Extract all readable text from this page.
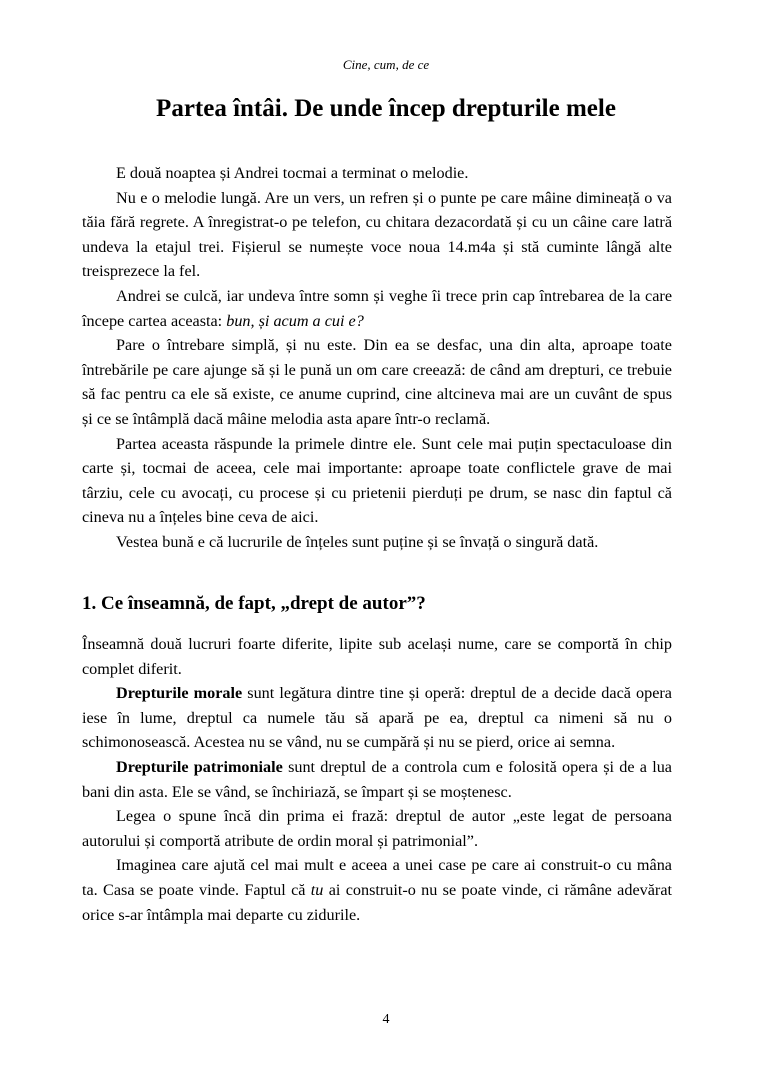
Cine, cum, de ce
Partea întâi. De unde încep drepturile mele

E două noaptea și Andrei tocmai a terminat o melodie.

Nu e o melodie lungă. Are un vers, un refren și o punte pe care mâine dimineață o va tăia fără regrete. A înregistrat-o pe telefon, cu chitara dezacordată și cu un câine care latră undeva la etajul trei. Fișierul se numește voce noua 14.m4a și stă cuminte lângă alte treisprezece la fel.

Andrei se culcă, iar undeva între somn și veghe îi trece prin cap întrebarea de la care începe cartea aceasta: bun, și acum a cui e?

Pare o întrebare simplă, și nu este. Din ea se desfac, una din alta, aproape toate întrebările pe care ajunge să și le pună un om care creează: de când am drepturi, ce trebuie să fac pentru ca ele să existe, ce anume cuprind, cine altcineva mai are un cuvânt de spus și ce se întâmplă dacă mâine melodia asta apare într-o reclamă.

Partea aceasta răspunde la primele dintre ele. Sunt cele mai puțin spectaculoase din carte și, tocmai de aceea, cele mai importante: aproape toate conflictele grave de mai târziu, cele cu avocați, cu procese și cu prietenii pierduți pe drum, se nasc din faptul că cineva nu a înțeles bine ceva de aici.

Vestea bună e că lucrurile de înțeles sunt puține și se învață o singură dată.

1. Ce înseamnă, de fapt, „drept de autor”?

Înseamnă două lucruri foarte diferite, lipite sub același nume, care se comportă în chip complet diferit.

Drepturile morale sunt legătura dintre tine și operă: dreptul de a decide dacă opera iese în lume, dreptul ca numele tău să apară pe ea, dreptul ca nimeni să nu o schimonosească. Acestea nu se vând, nu se cumpără și nu se pierd, orice ai semna.

Drepturile patrimoniale sunt dreptul de a controla cum e folosită opera și de a lua bani din asta. Ele se vând, se închiriază, se împart și se moștenesc.

Legea o spune încă din prima ei frază: dreptul de autor „este legat de persoana autorului și comportă atribute de ordin moral și patrimonial”.

Imaginea care ajută cel mai mult e aceea a unei case pe care ai construit-o cu mâna ta. Casa se poate vinde. Faptul că tu ai construit-o nu se poate vinde, ci rămâne adevărat orice s-ar întâmpla mai departe cu zidurile.

4
